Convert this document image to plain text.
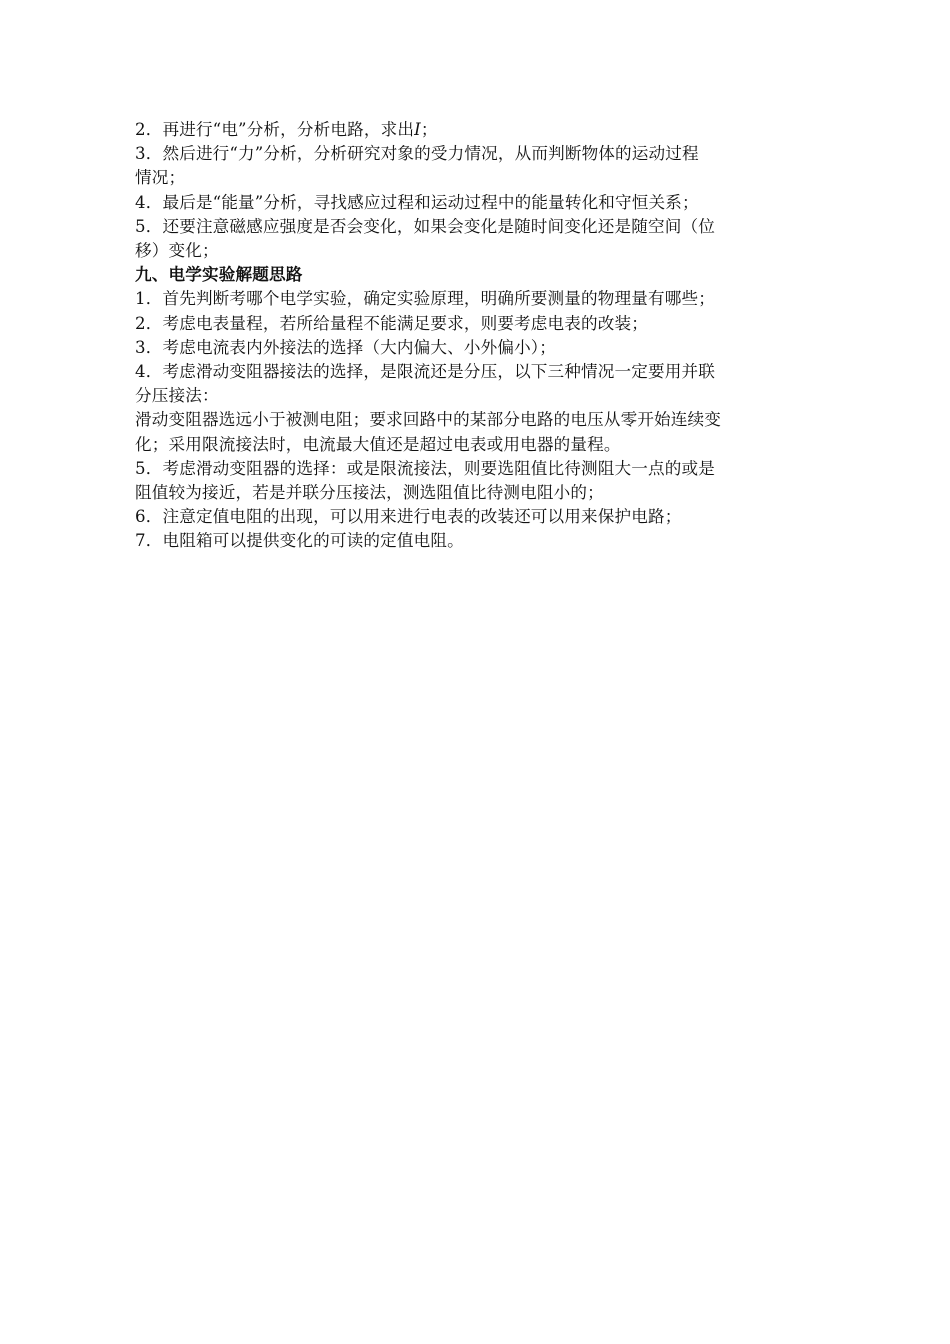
2．再进行“电”分析，分析电路，求出I；
3．然后进行“力”分析，分析研究对象的受力情况，从而判断物体的运动过程
情况；
4．最后是“能量”分析，寻找感应过程和运动过程中的能量转化和守恒关系；
5．还要注意磁感应强度是否会变化，如果会变化是随时间变化还是随空间（位
移）变化；
九、电学实验解题思路
1．首先判断考哪个电学实验，确定实验原理，明确所要测量的物理量有哪些；
2．考虑电表量程，若所给量程不能满足要求，则要考虑电表的改装；
3．考虑电流表内外接法的选择（大内偏大、小外偏小）；
4．考虑滑动变阻器接法的选择，是限流还是分压，以下三种情况一定要用并联
分压接法：
滑动变阻器选远小于被测电阻；要求回路中的某部分电路的电压从零开始连续变
化；采用限流接法时，电流最大值还是超过电表或用电器的量程。
5．考虑滑动变阻器的选择：或是限流接法，则要选阻值比待测阻大一点的或是
阻值较为接近，若是并联分压接法，测选阻值比待测电阻小的；
6．注意定值电阻的出现，可以用来进行电表的改装还可以用来保护电路；
7．电阻箱可以提供变化的可读的定值电阻。
